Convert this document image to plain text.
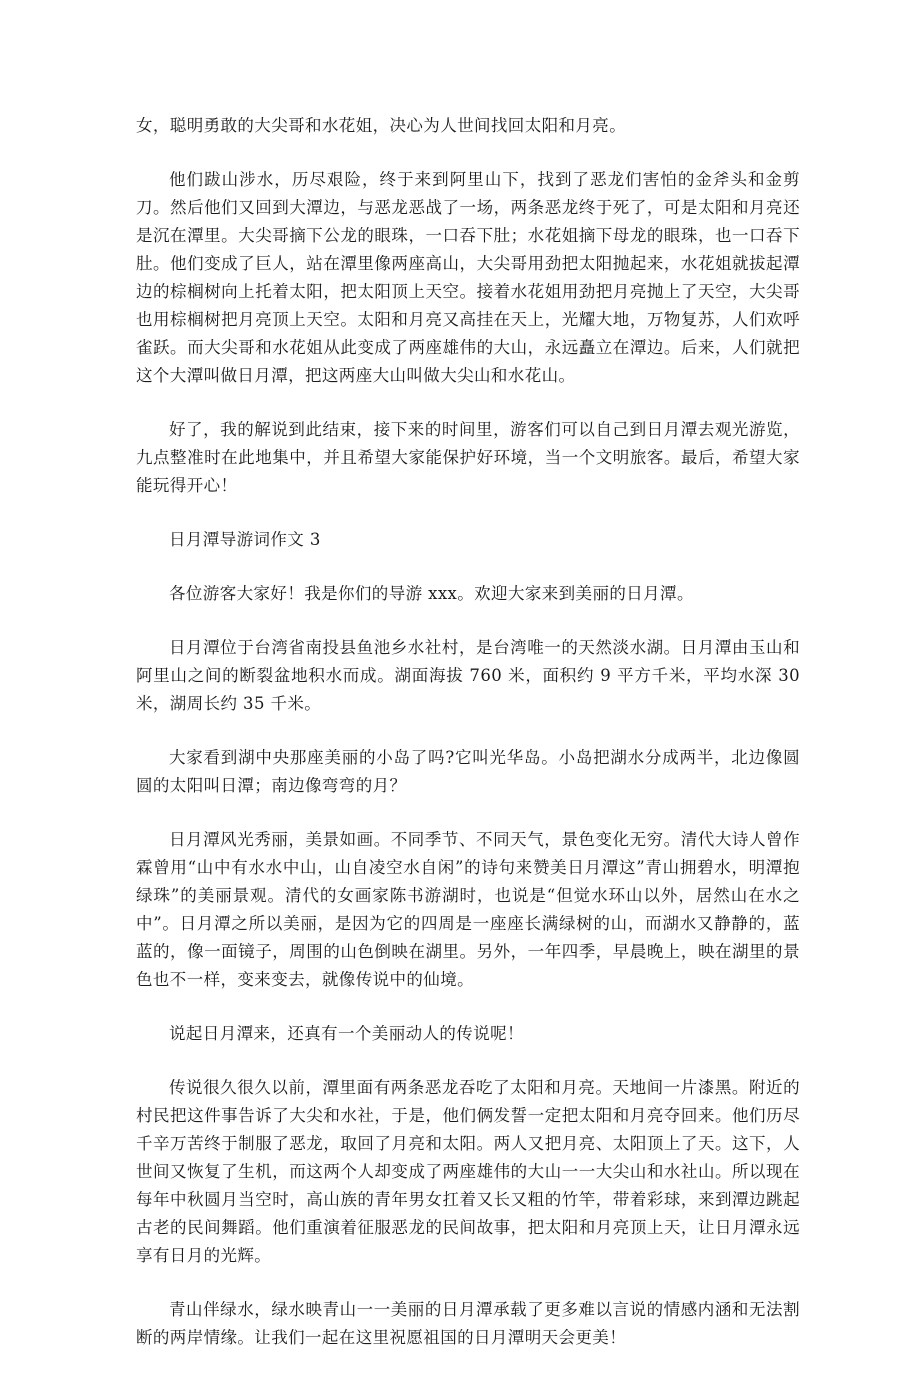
女，聪明勇敢的大尖哥和水花姐，决心为人世间找回太阳和月亮。

他们跋山涉水，历尽艰险，终于来到阿里山下，找到了恶龙们害怕的金斧头和金剪刀。然后他们又回到大潭边，与恶龙恶战了一场，两条恶龙终于死了，可是太阳和月亮还是沉在潭里。大尖哥摘下公龙的眼珠，一口吞下肚；水花姐摘下母龙的眼珠，也一口吞下肚。他们变成了巨人，站在潭里像两座高山，大尖哥用劲把太阳抛起来，水花姐就拔起潭边的棕榈树向上托着太阳，把太阳顶上天空。接着水花姐用劲把月亮抛上了天空，大尖哥也用棕榈树把月亮顶上天空。太阳和月亮又高挂在天上，光耀大地，万物复苏，人们欢呼雀跃。而大尖哥和水花姐从此变成了两座雄伟的大山，永远矗立在潭边。后来，人们就把这个大潭叫做日月潭，把这两座大山叫做大尖山和水花山。

好了，我的解说到此结束，接下来的时间里，游客们可以自己到日月潭去观光游览，九点整准时在此地集中，并且希望大家能保护好环境，当一个文明旅客。最后，希望大家能玩得开心！

日月潭导游词作文 3

各位游客大家好！我是你们的导游 xxx。欢迎大家来到美丽的日月潭。

日月潭位于台湾省南投县鱼池乡水社村，是台湾唯一的天然淡水湖。日月潭由玉山和阿里山之间的断裂盆地积水而成。湖面海拔 760 米，面积约 9 平方千米，平均水深 30 米，湖周长约 35 千米。

大家看到湖中央那座美丽的小岛了吗?它叫光华岛。小岛把湖水分成两半，北边像圆圆的太阳叫日潭；南边像弯弯的月？

日月潭风光秀丽，美景如画。不同季节、不同天气，景色变化无穷。清代大诗人曾作霖曾用“山中有水水中山，山自凌空水自闲”的诗句来赞美日月潭这”青山拥碧水，明潭抱绿珠”的美丽景观。清代的女画家陈书游湖时，也说是“但觉水环山以外，居然山在水之中”。日月潭之所以美丽，是因为它的四周是一座座长满绿树的山，而湖水又静静的，蓝蓝的，像一面镜子，周围的山色倒映在湖里。另外，一年四季，早晨晚上，映在湖里的景色也不一样，变来变去，就像传说中的仙境。

说起日月潭来，还真有一个美丽动人的传说呢！

传说很久很久以前，潭里面有两条恶龙吞吃了太阳和月亮。天地间一片漆黑。附近的村民把这件事告诉了大尖和水社，于是，他们俩发誓一定把太阳和月亮夺回来。他们历尽千辛万苦终于制服了恶龙，取回了月亮和太阳。两人又把月亮、太阳顶上了天。这下，人世间又恢复了生机，而这两个人却变成了两座雄伟的大山一一大尖山和水社山。所以现在每年中秋圆月当空时，高山族的青年男女扛着又长又粗的竹竿，带着彩球，来到潭边跳起古老的民间舞蹈。他们重演着征服恶龙的民间故事，把太阳和月亮顶上天，让日月潭永远享有日月的光辉。

青山伴绿水，绿水映青山一一美丽的日月潭承载了更多难以言说的情感内涵和无法割断的两岸情缘。让我们一起在这里祝愿祖国的日月潭明天会更美！
